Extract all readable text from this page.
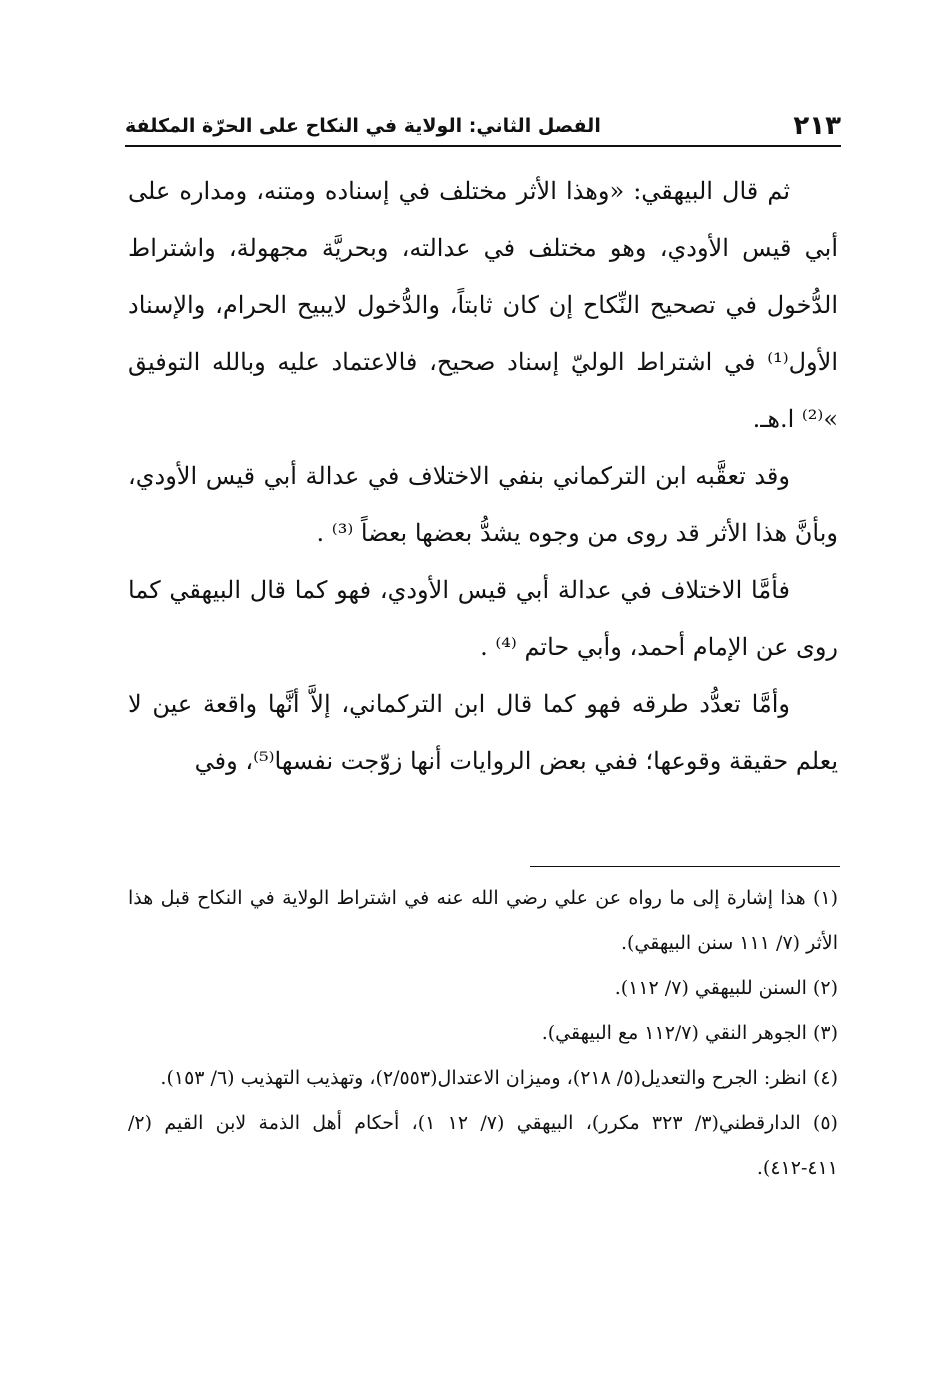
٢١٣
الفصل الثاني: الولاية في النكاح على الحرّة المكلفة

ثم قال البيهقي: «وهذا الأثر مختلف في إسناده ومتنه، ومداره على أبي قيس الأودي، وهو مختلف في عدالته، وبحريَّة مجهولة، واشتراط الدُّخول في تصحيح النِّكاح إن كان ثابتاً، والدُّخول لايبيح الحرام، والإسناد الأول⁽¹⁾ في اشتراط الوليّ إسناد صحيح، فالاعتماد عليه وبالله التوفيق »⁽²⁾ ا.هـ.

وقد تعقَّبه ابن التركماني بنفي الاختلاف في عدالة أبي قيس الأودي، وبأنَّ هذا الأثر قد روى من وجوه يشدُّ بعضها بعضاً ⁽³⁾ .

فأمَّا الاختلاف في عدالة أبي قيس الأودي، فهو كما قال البيهقي كما روى عن الإمام أحمد، وأبي حاتم ⁽⁴⁾ .

وأمَّا تعدُّد طرقه فهو كما قال ابن التركماني، إلاَّ أنَّها واقعة عين لا يعلم حقيقة وقوعها؛ ففي بعض الروايات أنها زوّجت نفسها⁽⁵⁾، وفي

(١) هذا إشارة إلى ما رواه عن علي رضي الله عنه في اشتراط الولاية في النكاح قبل هذا الأثر (٧/ ١١١ سنن البيهقي).

(٢) السنن للبيهقي (٧/ ١١٢).

(٣) الجوهر النقي (١١٢/٧ مع البيهقي).

(٤) انظر: الجرح والتعديل(٥/ ٢١٨)، وميزان الاعتدال(٢/٥٥٣)، وتهذيب التهذيب (٦/ ١٥٣).

(٥) الدارقطني(٣/ ٣٢٣ مكرر)، البيهقي (٧/ ١٢ ١)، أحكام أهل الذمة لابن القيم (٢/ ٤١١-٤١٢).
